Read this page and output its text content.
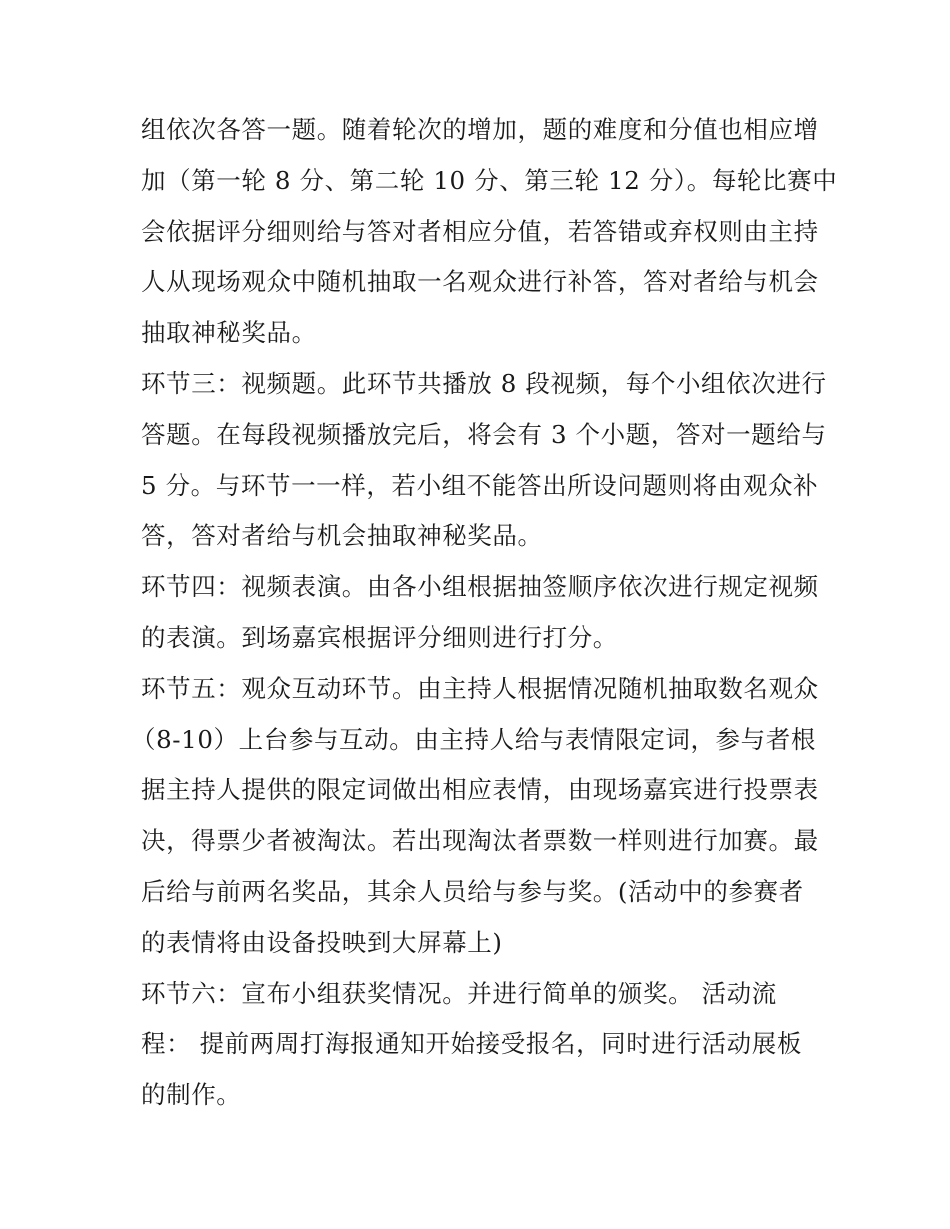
组依次各答一题。随着轮次的增加，题的难度和分值也相应增
加（第一轮 8 分、第二轮 10 分、第三轮 12 分）。每轮比赛中
会依据评分细则给与答对者相应分值，若答错或弃权则由主持
人从现场观众中随机抽取一名观众进行补答，答对者给与机会
抽取神秘奖品。
环节三：视频题。此环节共播放 8 段视频，每个小组依次进行
答题。在每段视频播放完后，将会有 3 个小题，答对一题给与
5 分。与环节一一样，若小组不能答出所设问题则将由观众补
答，答对者给与机会抽取神秘奖品。
环节四：视频表演。由各小组根据抽签顺序依次进行规定视频
的表演。到场嘉宾根据评分细则进行打分。
环节五：观众互动环节。由主持人根据情况随机抽取数名观众
（8-10）上台参与互动。由主持人给与表情限定词，参与者根
据主持人提供的限定词做出相应表情，由现场嘉宾进行投票表
决，得票少者被淘汰。若出现淘汰者票数一样则进行加赛。最
后给与前两名奖品，其余人员给与参与奖。(活动中的参赛者
的表情将由设备投映到大屏幕上)
环节六：宣布小组获奖情况。并进行简单的颁奖。 活动流
程： 提前两周打海报通知开始接受报名，同时进行活动展板
的制作。
